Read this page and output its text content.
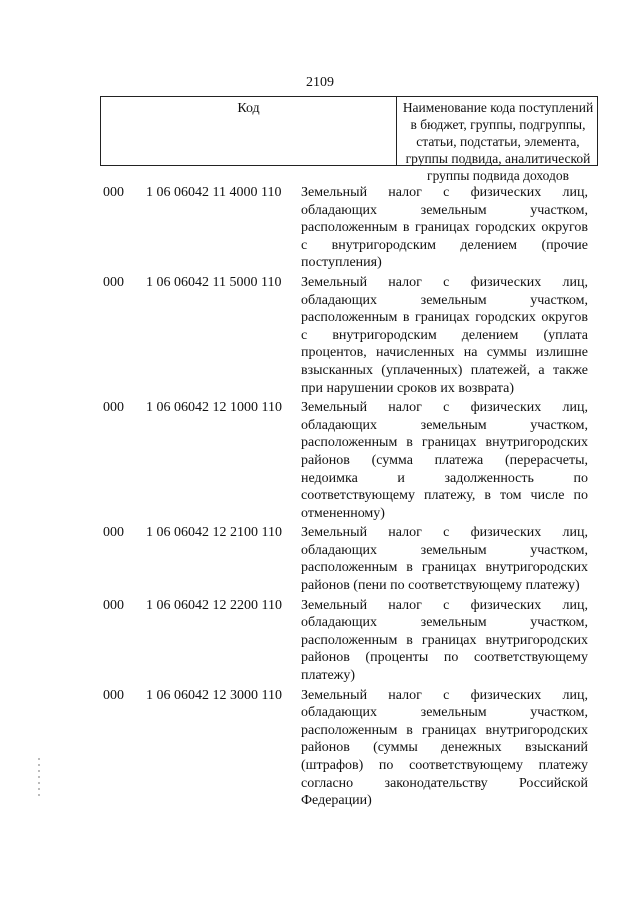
2109
Код	Наименование кода поступлений в бюджет, группы, подгруппы, статьи, подстатьи, элемента, группы подвида, аналитической группы подвида доходов
000 1 06 06042 11 4000 110 Земельный налог с физических лиц, обладающих земельным участком, расположенным в границах городских округов с внутригородским делением (прочие поступления)
000 1 06 06042 11 5000 110 Земельный налог с физических лиц, обладающих земельным участком, расположенным в границах городских округов с внутригородским делением (уплата процентов, начисленных на суммы излишне взысканных (уплаченных) платежей, а также при нарушении сроков их возврата)
000 1 06 06042 12 1000 110 Земельный налог с физических лиц, обладающих земельным участком, расположенным в границах внутригородских районов (сумма платежа (перерасчеты, недоимка и задолженность по соответствующему платежу, в том числе по отмененному)
000 1 06 06042 12 2100 110 Земельный налог с физических лиц, обладающих земельным участком, расположенным в границах внутригородских районов (пени по соответствующему платежу)
000 1 06 06042 12 2200 110 Земельный налог с физических лиц, обладающих земельным участком, расположенным в границах внутригородских районов (проценты по соответствующему платежу)
000 1 06 06042 12 3000 110 Земельный налог с физических лиц, обладающих земельным участком, расположенным в границах внутригородских районов (суммы денежных взысканий (штрафов) по соответствующему платежу согласно законодательству Российской Федерации)
